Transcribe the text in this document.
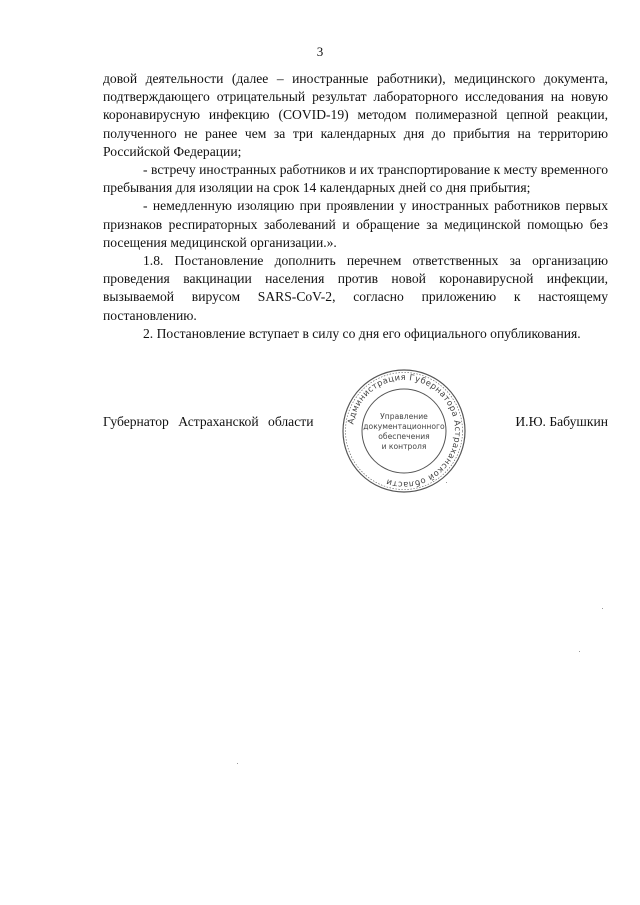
3

довой деятельности (далее – иностранные работники), медицинского документа, подтверждающего отрицательный результат лабораторного исследования на новую коронавирусную инфекцию (COVID-19) методом полимеразной цепной реакции, полученного не ранее чем за три календарных дня до прибытия на территорию Российской Федерации;

- встречу иностранных работников и их транспортирование к месту временного пребывания для изоляции на срок 14 календарных дней со дня прибытия;

- немедленную изоляцию при проявлении у иностранных работников первых признаков респираторных заболеваний и обращение за медицинской помощью без посещения медицинской организации.».

1.8. Постановление дополнить перечнем ответственных за организацию проведения вакцинации населения против новой коронавирусной инфекции, вызываемой вирусом SARS-CoV-2, согласно приложению к настоящему постановлению.

2. Постановление вступает в силу со дня его официального опубликования.

Администрация Губернатора Астраханской области
Управление
документационного
обеспечения
и контроля
Губернатор Астраханской области	И.Ю. Бабушкин
